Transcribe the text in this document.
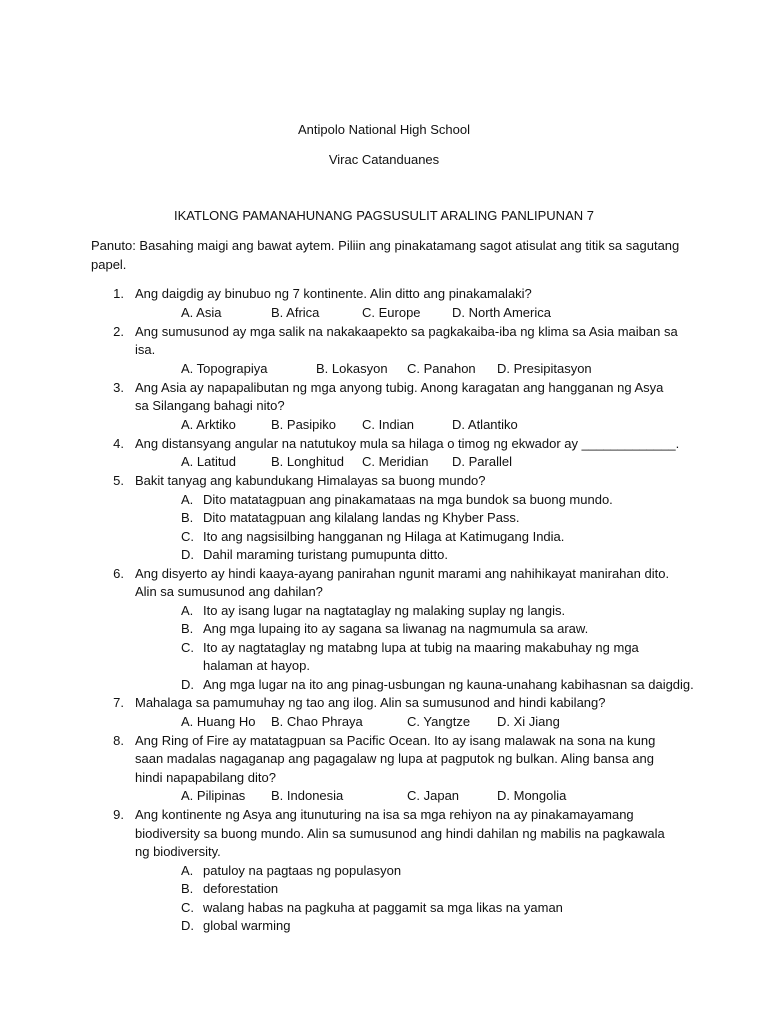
Antipolo National High School
Virac Catanduanes
IKATLONG PAMANAHUNANG PAGSUSULIT ARALING PANLIPUNAN 7
Panuto: Basahing maigi ang bawat aytem. Piliin ang pinakatamang sagot atisulat ang titik sa sagutang papel.
1. Ang daigdig ay binubuo ng 7 kontinente. Alin ditto ang pinakamalaki?
A. Asia	B. Africa	C. Europe D. North America
2. Ang sumusunod ay mga salik na nakakaapekto sa pagkakaiba-iba ng klima sa Asia maiban sa isa.
A. Topograpiya	B. Lokasyon C. Panahon D. Presipitasyon
3. Ang Asia ay napapalibutan ng mga anyong tubig. Anong karagatan ang hangganan ng Asya sa Silangang bahagi nito?
A. Arktiko	B. Pasipiko C. Indian	D. Atlantiko
4. Ang distansyang angular na natutukoy mula sa hilaga o timog ng ekwador ay _____________.
A. Latitud	B. Longhitud C. Meridian D. Parallel
5. Bakit tanyag ang kabundukang Himalayas sa buong mundo?
A. Dito matatagpuan ang pinakamataas na mga bundok sa buong mundo.
B. Dito matatagpuan ang kilalang landas ng Khyber Pass.
C. Ito ang nagsisilbing hangganan ng Hilaga at Katimugang India.
D. Dahil maraming turistang pumupunta ditto.
6. Ang disyerto ay hindi kaaya-ayang panirahan ngunit marami ang nahihikayat manirahan dito. Alin sa sumusunod ang dahilan?
A. Ito ay isang lugar na nagtataglay ng malaking suplay ng langis.
B. Ang mga lupaing ito ay sagana sa liwanag na nagmumula sa araw.
C. Ito ay nagtataglay ng matabng lupa at tubig na maaring makabuhay ng mga halaman at hayop.
D. Ang mga lugar na ito ang pinag-usbungan ng kauna-unahang kabihasnan sa daigdig.
7. Mahalaga sa pamumuhay ng tao ang ilog. Alin sa sumusunod and hindi kabilang?
A. Huang Ho B. Chao Phraya	C. Yangtze D. Xi Jiang
8. Ang Ring of Fire ay matatagpuan sa Pacific Ocean. Ito ay isang malawak na sona na kung saan madalas nagaganap ang pagagalaw ng lupa at pagputok ng bulkan. Aling bansa ang hindi napapabilang dito?
A. Pilipinas B. Indonesia	C. Japan	D. Mongolia
9. Ang kontinente ng Asya ang itunuturing na isa sa mga rehiyon na ay pinakamayamang biodiversity sa buong mundo. Alin sa sumusunod ang hindi dahilan ng mabilis na pagkawala ng biodiversity.
A. patuloy na pagtaas ng populasyon
B. deforestation
C. walang habas na pagkuha at paggamit sa mga likas na yaman
D. global warming
